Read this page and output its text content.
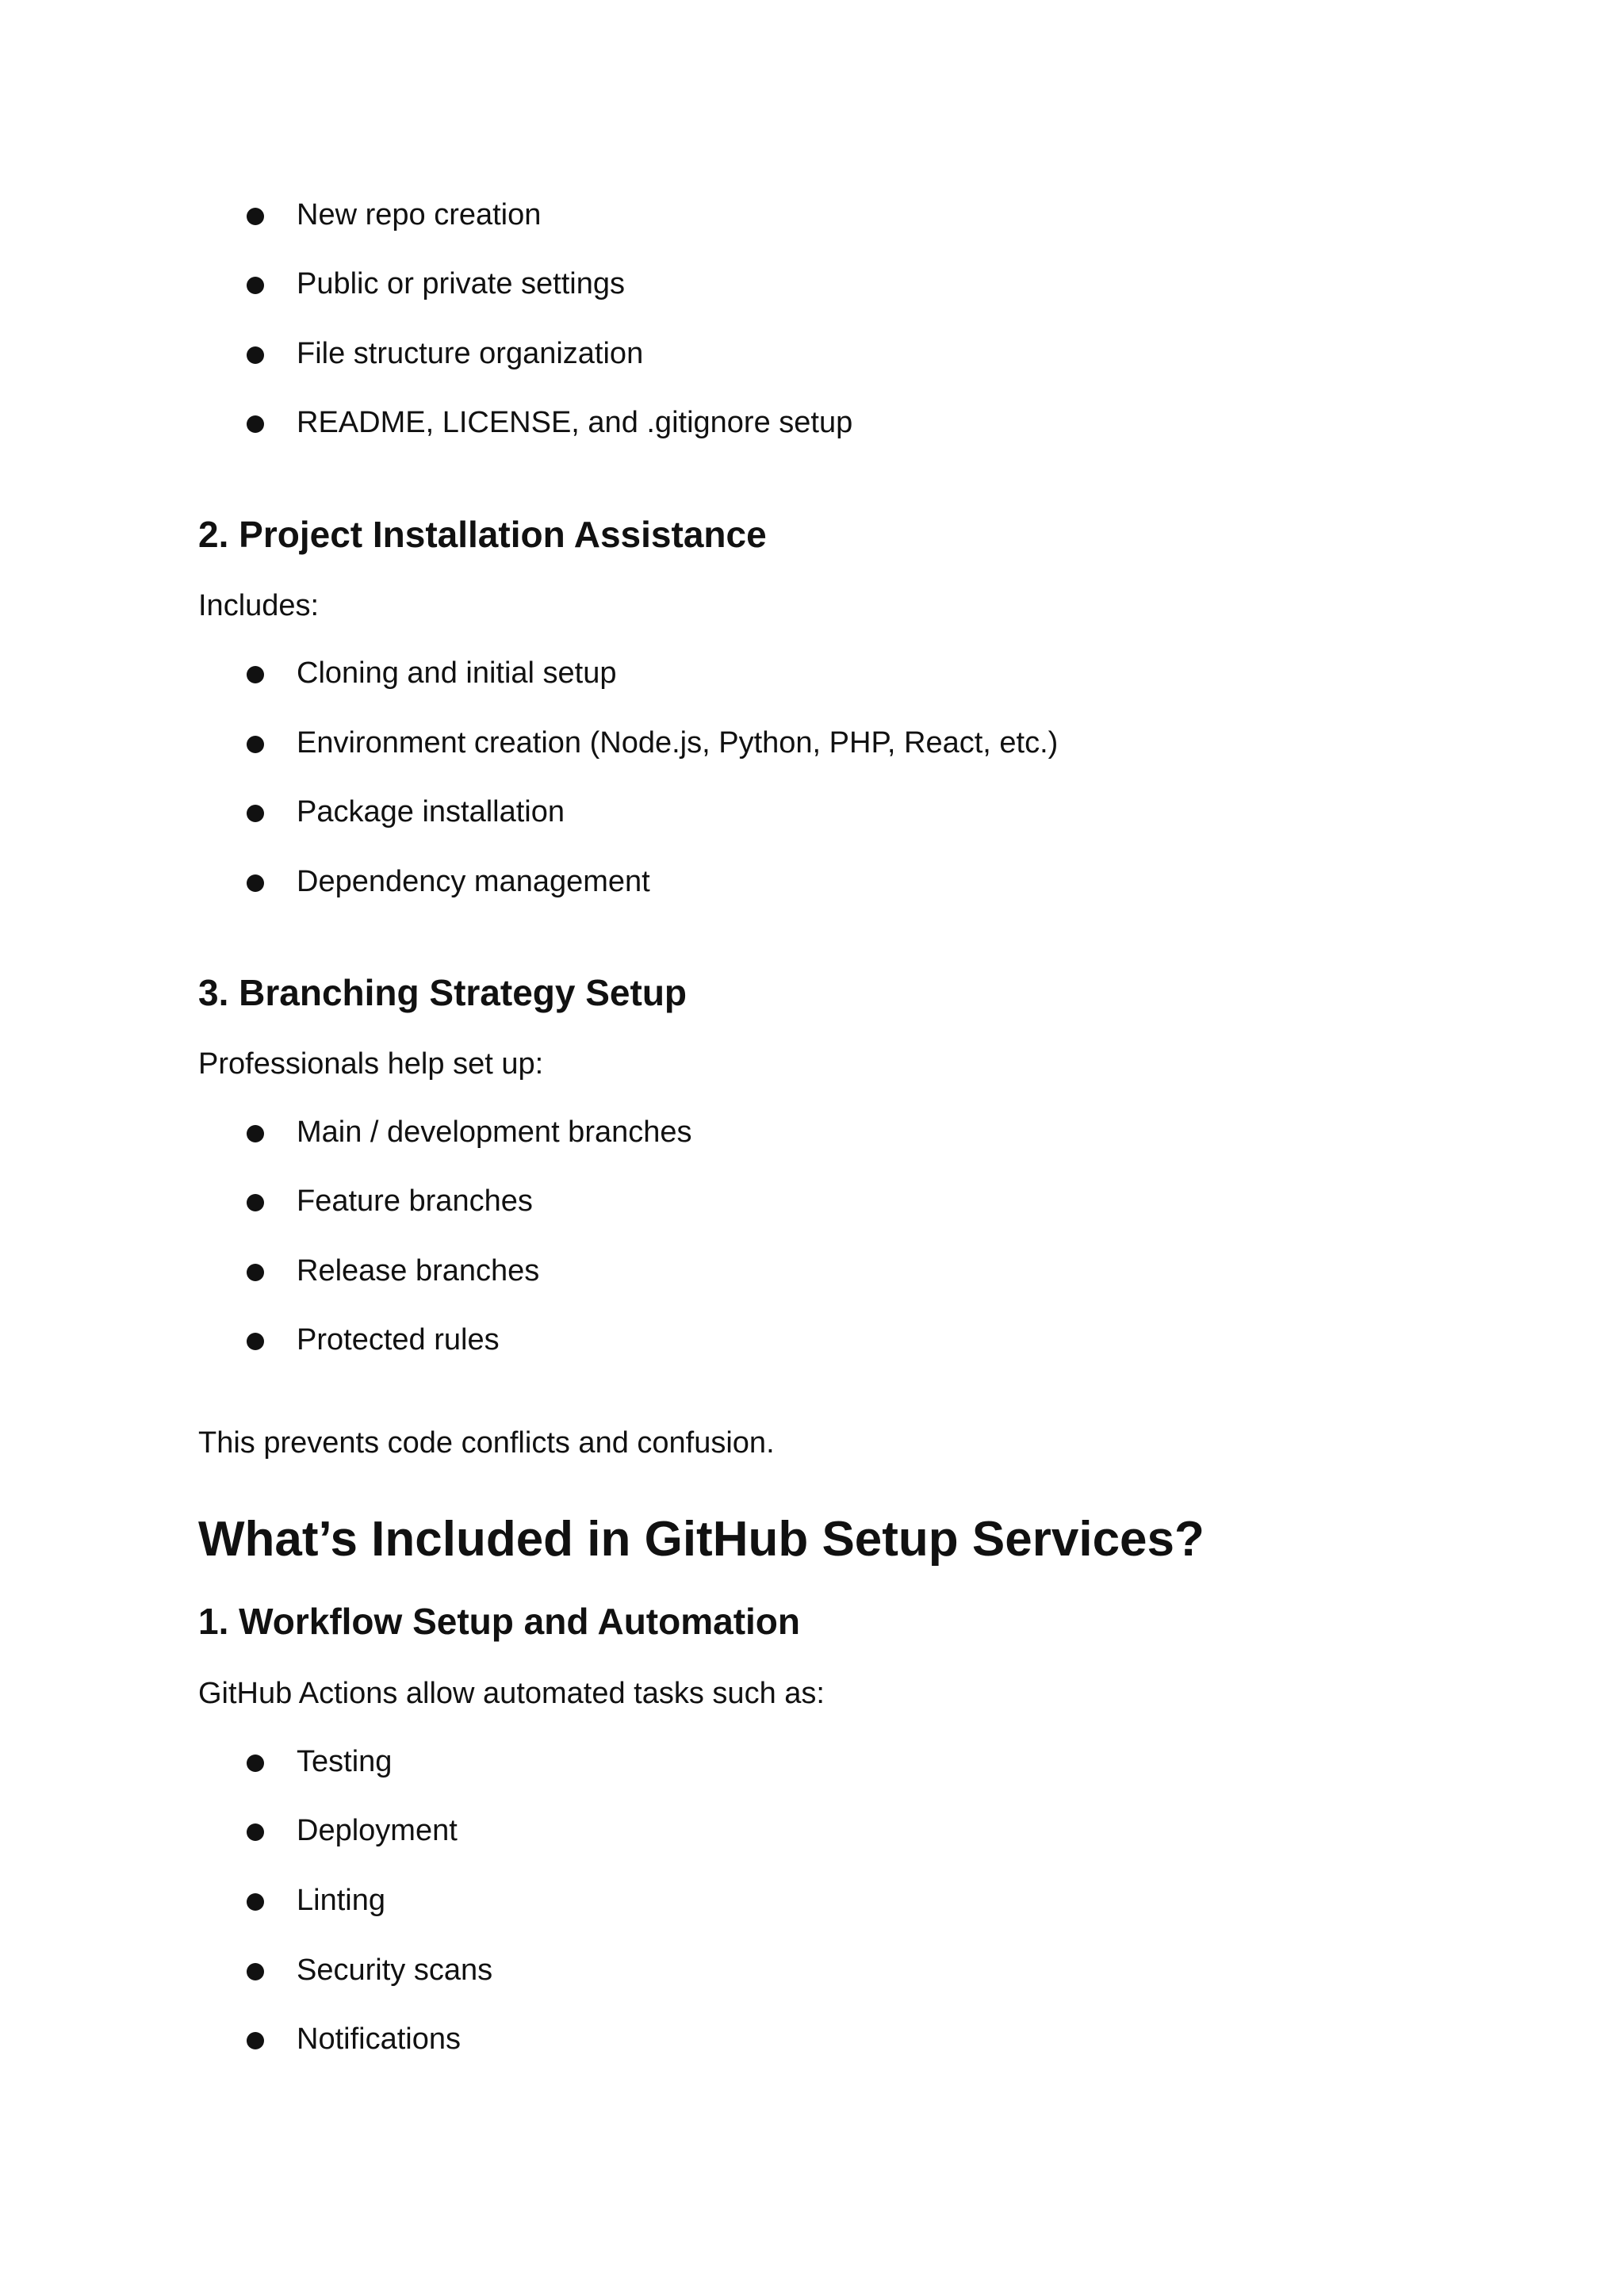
New repo creation
Public or private settings
File structure organization
README, LICENSE, and .gitignore setup
2. Project Installation Assistance

Includes:

Cloning and initial setup
Environment creation (Node.js, Python, PHP, React, etc.)
Package installation
Dependency management
3. Branching Strategy Setup

Professionals help set up:

Main / development branches
Feature branches
Release branches
Protected rules

This prevents code conflicts and confusion.

What’s Included in GitHub Setup Services?
1. Workflow Setup and Automation

GitHub Actions allow automated tasks such as:

Testing
Deployment
Linting
Security scans
Notifications
